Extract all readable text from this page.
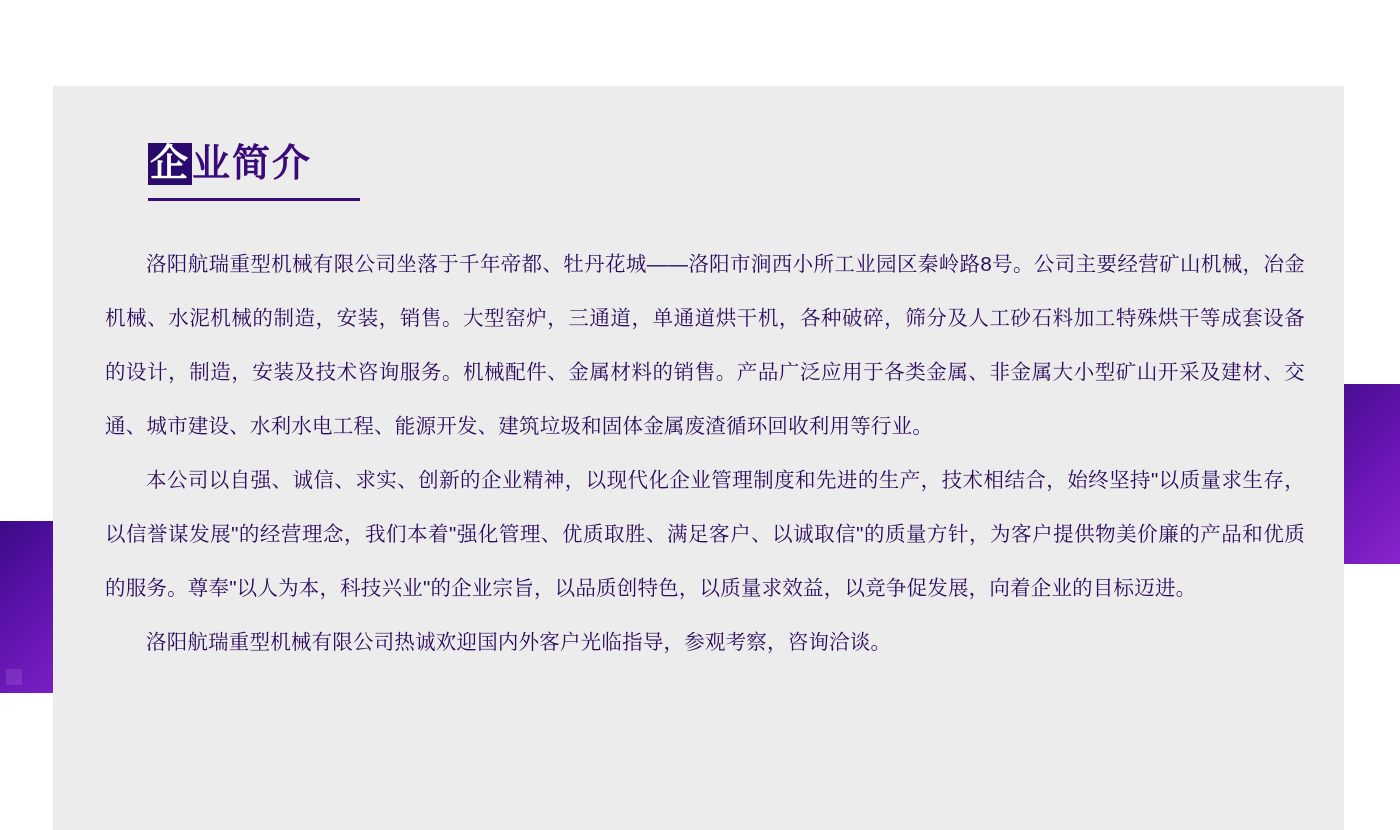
企业简介

洛阳航瑞重型机械有限公司坐落于千年帝都、牡丹花城——洛阳市涧西小所工业园区秦岭路8号。公司主要经营矿山机械，冶金机械、水泥机械的制造，安装，销售。大型窑炉，三通道，单通道烘干机，各种破碎，筛分及人工砂石料加工特殊烘干等成套设备的设计，制造，安装及技术咨询服务。机械配件、金属材料的销售。产品广泛应用于各类金属、非金属大小型矿山开采及建材、交通、城市建设、水利水电工程、能源开发、建筑垃圾和固体金属废渣循环回收利用等行业。

本公司以自强、诚信、求实、创新的企业精神，以现代化企业管理制度和先进的生产，技术相结合，始终坚持"以质量求生存，以信誉谋发展"的经营理念，我们本着"强化管理、优质取胜、满足客户、以诚取信"的质量方针，为客户提供物美价廉的产品和优质的服务。尊奉"以人为本，科技兴业"的企业宗旨，以品质创特色，以质量求效益，以竞争促发展，向着企业的目标迈进。

洛阳航瑞重型机械有限公司热诚欢迎国内外客户光临指导，参观考察，咨询洽谈。
